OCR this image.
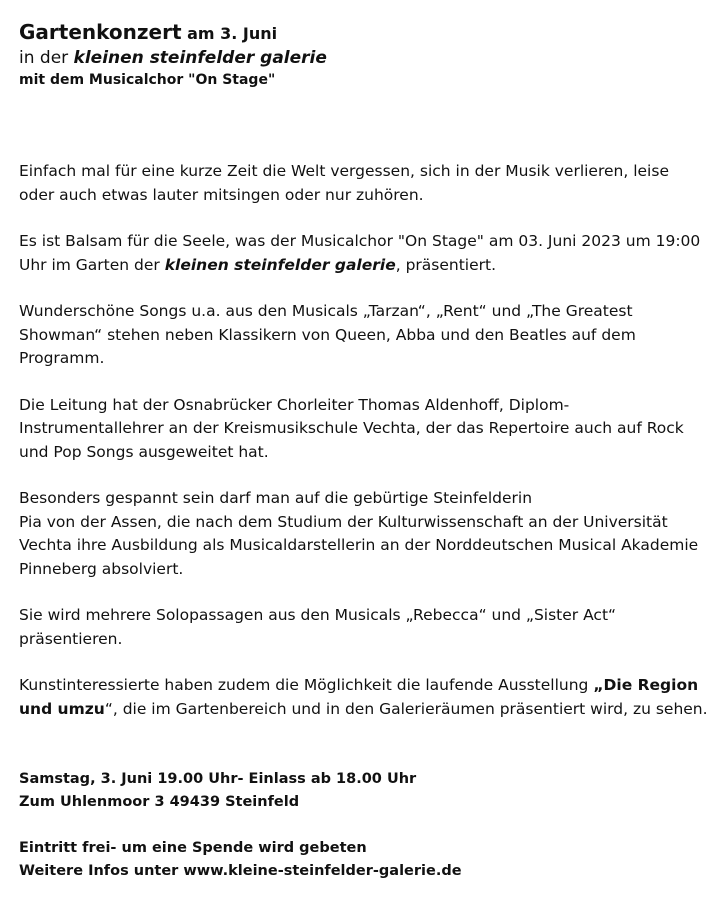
Gartenkonzert am 3. Juni
in der kleinen steinfelder galerie
mit dem Musicalchor "On Stage"

Einfach mal für eine kurze Zeit die Welt vergessen, sich in der Musik verlieren, leise oder auch etwas lauter mitsingen oder nur zuhören.

Es ist Balsam für die Seele, was der Musicalchor "On Stage" am 03. Juni 2023 um 19:00 Uhr im Garten der kleinen steinfelder galerie, präsentiert.

Wunderschöne Songs u.a. aus den Musicals „Tarzan“, „Rent“ und „The Greatest Showman“ stehen neben Klassikern von Queen, Abba und den Beatles auf dem Programm.

Die Leitung hat der Osnabrücker Chorleiter Thomas Aldenhoff, Diplom-Instrumentallehrer an der Kreismusikschule Vechta, der das Repertoire auch auf Rock und Pop Songs ausgeweitet hat.

Besonders gespannt sein darf man auf die gebürtige Steinfelderin
Pia von der Assen, die nach dem Studium der Kulturwissenschaft an der Universität Vechta ihre Ausbildung als Musicaldarstellerin an der Norddeutschen Musical Akademie Pinneberg absolviert.

Sie wird mehrere Solopassagen aus den Musicals „Rebecca“ und „Sister Act“ präsentieren.

Kunstinteressierte haben zudem die Möglichkeit die laufende Ausstellung „Die Region und umzu“, die im Gartenbereich und in den Galerieräumen präsentiert wird, zu sehen.

Samstag, 3. Juni 19.00 Uhr- Einlass ab 18.00 Uhr
Zum Uhlenmoor 3 49439 Steinfeld

Eintritt frei- um eine Spende wird gebeten
Weitere Infos unter www.kleine-steinfelder-galerie.de
